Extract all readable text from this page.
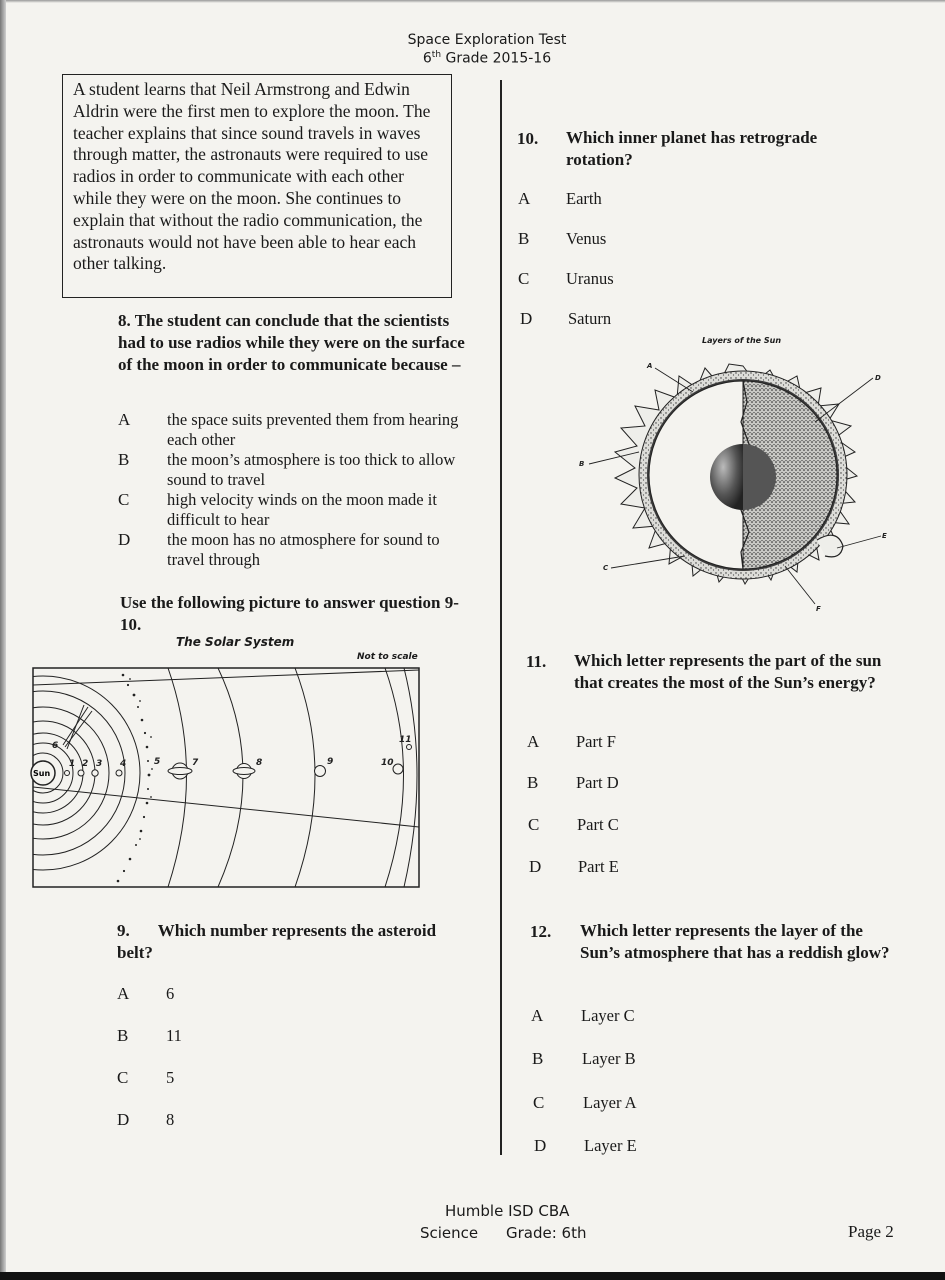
Space Exploration Test
6th Grade 2015-16
A student learns that Neil Armstrong and Edwin Aldrin were the first men to explore the moon. The teacher explains that since sound travels in waves through matter, the astronauts were required to use radios in order to communicate with each other while they were on the moon. She continues to explain that without the radio communication, the astronauts would not have been able to hear each other talking.
8. The student can conclude that the scientists had to use radios while they were on the surface of the moon in order to communicate because –
A the space suits prevented them from hearing each other
B the moon’s atmosphere is too thick to allow sound to travel
C high velocity winds on the moon made it difficult to hear
D the moon has no atmosphere for sound to travel through
Use the following picture to answer question 9-10.
The Solar System
Not to scale
Sun
1 2 3 4	5
6
7	8	9	10
11
9. Which number represents the asteroid belt?
A 6
B 11
C 5
D 8
10. Which inner planet has retrograde rotation?
A Earth
B Venus
C Uranus
D Saturn
Layers of the Sun
A
B
C
D
E
F
11. Which letter represents the part of the sun that creates the most of the Sun’s energy?
A Part F
B Part D
C Part C
D Part E
12. Which letter represents the layer of the Sun’s atmosphere that has a reddish glow?
A Layer C
B Layer B
C Layer A
D Layer E
Humble ISD CBA
Science Grade: 6th	Page 2
